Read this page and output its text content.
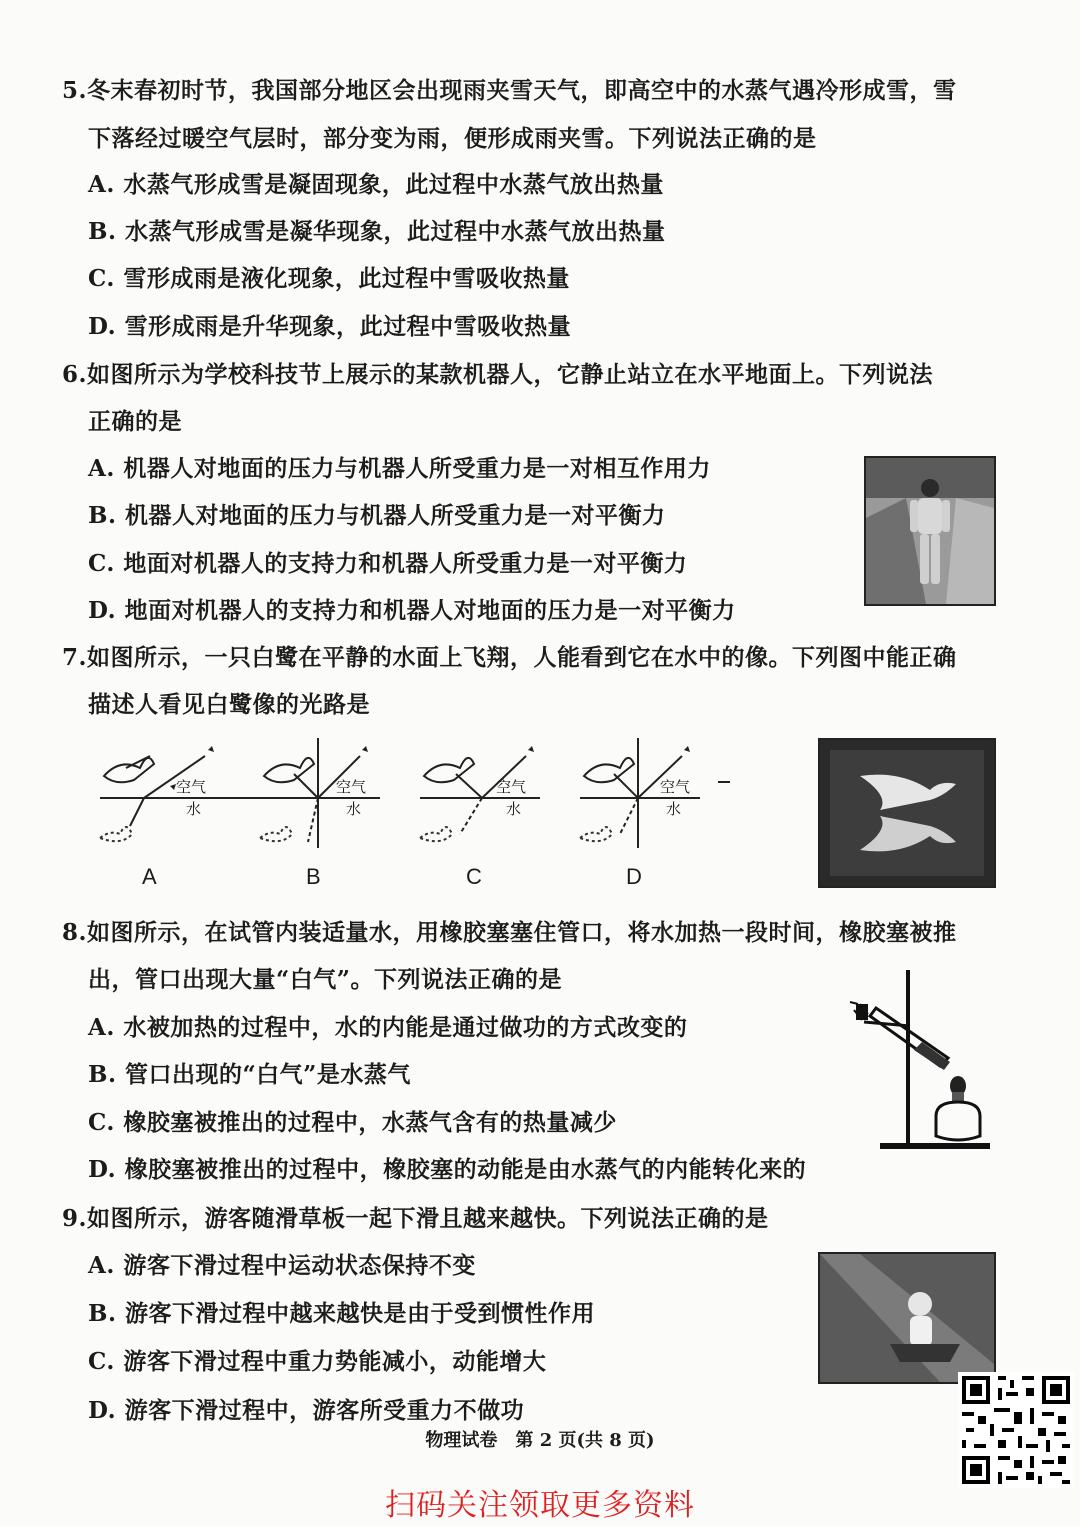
5.冬末春初时节，我国部分地区会出现雨夹雪天气，即高空中的水蒸气遇冷形成雪，雪
下落经过暖空气层时，部分变为雨，便形成雨夹雪。下列说法正确的是
A. 水蒸气形成雪是凝固现象，此过程中水蒸气放出热量
B. 水蒸气形成雪是凝华现象，此过程中水蒸气放出热量
C. 雪形成雨是液化现象，此过程中雪吸收热量
D. 雪形成雨是升华现象，此过程中雪吸收热量
6.如图所示为学校科技节上展示的某款机器人，它静止站立在水平地面上。下列说法
正确的是
A. 机器人对地面的压力与机器人所受重力是一对相互作用力
B. 机器人对地面的压力与机器人所受重力是一对平衡力
C. 地面对机器人的支持力和机器人所受重力是一对平衡力
D. 地面对机器人的支持力和机器人对地面的压力是一对平衡力
7.如图所示，一只白鹭在平静的水面上飞翔，人能看到它在水中的像。下列图中能正确
描述人看见白鹭像的光路是
空气
水
A
空气
水
B
空气
水
C
空气
水
D
8.如图所示，在试管内装适量水，用橡胶塞塞住管口，将水加热一段时间，橡胶塞被推
出，管口出现大量“白气”。下列说法正确的是
A. 水被加热的过程中，水的内能是通过做功的方式改变的
B. 管口出现的“白气”是水蒸气
C. 橡胶塞被推出的过程中，水蒸气含有的热量减少
D. 橡胶塞被推出的过程中，橡胶塞的动能是由水蒸气的内能转化来的
9.如图所示，游客随滑草板一起下滑且越来越快。下列说法正确的是
A. 游客下滑过程中运动状态保持不变
B. 游客下滑过程中越来越快是由于受到惯性作用
C. 游客下滑过程中重力势能减小，动能增大
D. 游客下滑过程中，游客所受重力不做功
物理试卷　第 2 页(共 8 页)
扫码关注领取更多资料
